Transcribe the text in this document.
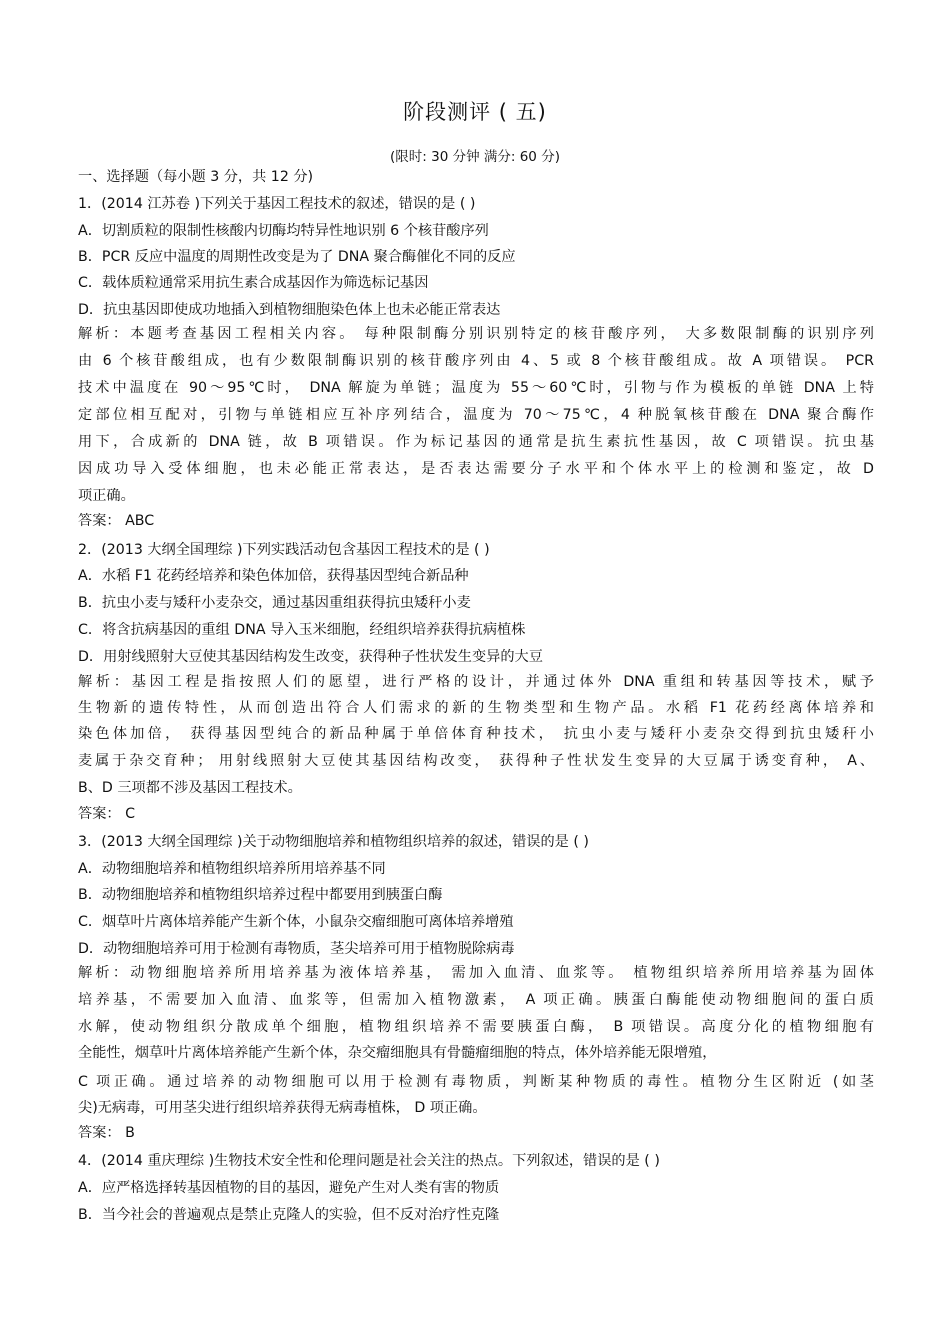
阶段测评 ( 五)
(限时: 30 分钟 满分: 60 分)
一、选择题（每小题 3 分，共 12 分)
1．(2014 江苏卷 )下列关于基因工程技术的叙述，错误的是 ( )
A．切割质粒的限制性核酸内切酶均特异性地识别 6 个核苷酸序列
B．PCR 反应中温度的周期性改变是为了 DNA 聚合酶催化不同的反应
C．载体质粒通常采用抗生素合成基因作为筛选标记基因
D．抗虫基因即使成功地插入到植物细胞染色体上也未必能正常表达
解析：本题考查基因工程相关内容。 每种限制酶分别识别特定的核苷酸序列， 大多数限制酶的识别序列
由 6 个核苷酸组成，也有少数限制酶识别的核苷酸序列由 4、5 或 8 个核苷酸组成。故 A 项错误。 PCR
技术中温度在 90～95℃时， DNA 解旋为单链；温度为 55～60℃时，引物与作为模板的单链 DNA 上特
定部位相互配对，引物与单链相应互补序列结合，温度为 70～75℃，4 种脱氧核苷酸在 DNA 聚合酶作
用下，合成新的 DNA 链，故 B 项错误。作为标记基因的通常是抗生素抗性基因，故 C 项错误。抗虫基
因成功导入受体细胞，也未必能正常表达，是否表达需要分子水平和个体水平上的检测和鉴定，故 D
项正确。
答案： ABC
2．(2013 大纲全国理综 )下列实践活动包含基因工程技术的是 ( )
A．水稻 F1 花药经培养和染色体加倍，获得基因型纯合新品种
B．抗虫小麦与矮秆小麦杂交，通过基因重组获得抗虫矮秆小麦
C．将含抗病基因的重组 DNA 导入玉米细胞，经组织培养获得抗病植株
D．用射线照射大豆使其基因结构发生改变，获得种子性状发生变异的大豆
解析：基因工程是指按照人们的愿望，进行严格的设计，并通过体外 DNA 重组和转基因等技术，赋予
生物新的遗传特性，从而创造出符合人们需求的新的生物类型和生物产品。水稻 F1 花药经离体培养和
染色体加倍， 获得基因型纯合的新品种属于单倍体育种技术， 抗虫小麦与矮秆小麦杂交得到抗虫矮秆小
麦属于杂交育种； 用射线照射大豆使其基因结构改变， 获得种子性状发生变异的大豆属于诱变育种， A、
B、D 三项都不涉及基因工程技术。
答案： C
3．(2013 大纲全国理综 )关于动物细胞培养和植物组织培养的叙述，错误的是 ( )
A．动物细胞培养和植物组织培养所用培养基不同
B．动物细胞培养和植物组织培养过程中都要用到胰蛋白酶
C．烟草叶片离体培养能产生新个体，小鼠杂交瘤细胞可离体培养增殖
D．动物细胞培养可用于检测有毒物质，茎尖培养可用于植物脱除病毒
解析：动物细胞培养所用培养基为液体培养基， 需加入血清、血浆等。 植物组织培养所用培养基为固体
培养基，不需要加入血清、血浆等，但需加入植物激素， A 项正确。胰蛋白酶能使动物细胞间的蛋白质
水解，使动物组织分散成单个细胞，植物组织培养不需要胰蛋白酶， B 项错误。高度分化的植物细胞有
全能性，烟草叶片离体培养能产生新个体，杂交瘤细胞具有骨髓瘤细胞的特点，体外培养能无限增殖，
C 项正确。通过培养的动物细胞可以用于检测有毒物质，判断某种物质的毒性。植物分生区附近 (如茎
尖)无病毒，可用茎尖进行组织培养获得无病毒植株， D 项正确。
答案： B
4．(2014 重庆理综 )生物技术安全性和伦理问题是社会关注的热点。下列叙述，错误的是 ( )
A．应严格选择转基因植物的目的基因，避免产生对人类有害的物质
B．当今社会的普遍观点是禁止克隆人的实验，但不反对治疗性克隆
